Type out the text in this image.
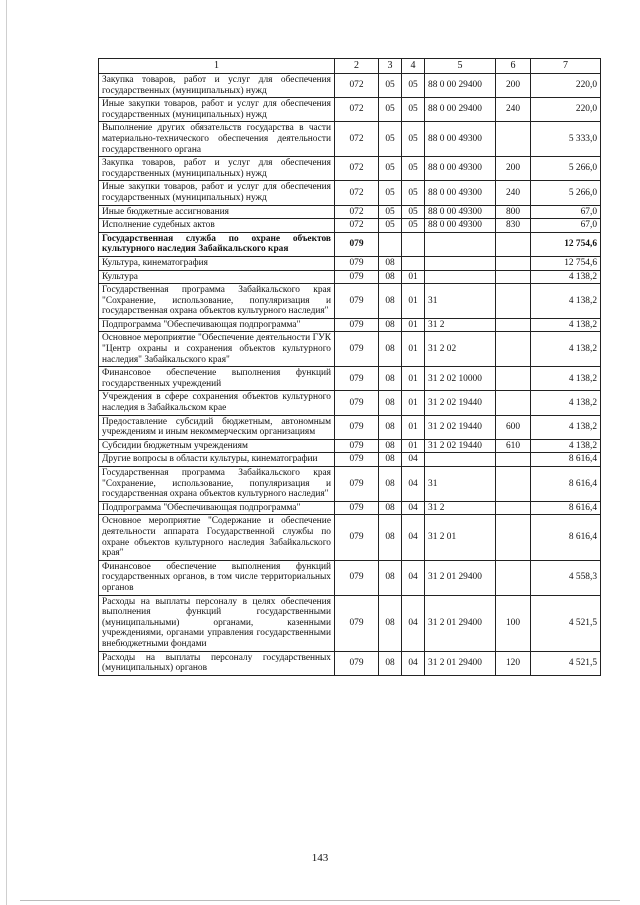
1	2	3	4	5	6	7
Закупка товаров, работ и услуг для обеспечения государственных (муниципальных) нужд	072	05	05	88 0 00 29400	200	220,0
Иные закупки товаров, работ и услуг для обеспечения государственных (муниципальных) нужд	072	05	05	88 0 00 29400	240	220,0
Выполнение других обязательств государства в части материально-технического обеспечения деятельности государственного органа	072	05	05	88 0 00 49300		5 333,0
Закупка товаров, работ и услуг для обеспечения государственных (муниципальных) нужд	072	05	05	88 0 00 49300	200	5 266,0
Иные закупки товаров, работ и услуг для обеспечения государственных (муниципальных) нужд	072	05	05	88 0 00 49300	240	5 266,0
Иные бюджетные ассигнования	072	05	05	88 0 00 49300	800	67,0
Исполнение судебных актов	072	05	05	88 0 00 49300	830	67,0
Государственная служба по охране объектов культурного наследия Забайкальского края	079					12 754,6
Культура, кинематография	079	08				12 754,6
Культура	079	08	01			4 138,2
Государственная программа Забайкальского края "Сохранение, использование, популяризация и государственная охрана объектов культурного наследия"	079	08	01	31		4 138,2
Подпрограмма "Обеспечивающая подпрограмма"	079	08	01	31 2		4 138,2
Основное мероприятие "Обеспечение деятельности ГУК "Центр охраны и сохранения объектов культурного наследия" Забайкальского края"	079	08	01	31 2 02		4 138,2
Финансовое обеспечение выполнения функций государственных учреждений	079	08	01	31 2 02 10000		4 138,2
Учреждения в сфере сохранения объектов культурного наследия в Забайкальском крае	079	08	01	31 2 02 19440		4 138,2
Предоставление субсидий бюджетным, автономным учреждениям и иным некоммерческим организациям	079	08	01	31 2 02 19440	600	4 138,2
Субсидии бюджетным учреждениям	079	08	01	31 2 02 19440	610	4 138,2
Другие вопросы в области культуры, кинематографии	079	08	04			8 616,4
Государственная программа Забайкальского края "Сохранение, использование, популяризация и государственная охрана объектов культурного наследия"	079	08	04	31		8 616,4
Подпрограмма "Обеспечивающая подпрограмма"	079	08	04	31 2		8 616,4
Основное мероприятие "Содержание и обеспечение деятельности аппарата Государственной службы по охране объектов культурного наследия Забайкальского края"	079	08	04	31 2 01		8 616,4
Финансовое обеспечение выполнения функций государственных органов, в том числе территориальных органов	079	08	04	31 2 01 29400		4 558,3
Расходы на выплаты персоналу в целях обеспечения выполнения функций государственными (муниципальными) органами, казенными учреждениями, органами управления государственными внебюджетными фондами	079	08	04	31 2 01 29400	100	4 521,5
Расходы на выплаты персоналу государственных (муниципальных) органов	079	08	04	31 2 01 29400	120	4 521,5
143
